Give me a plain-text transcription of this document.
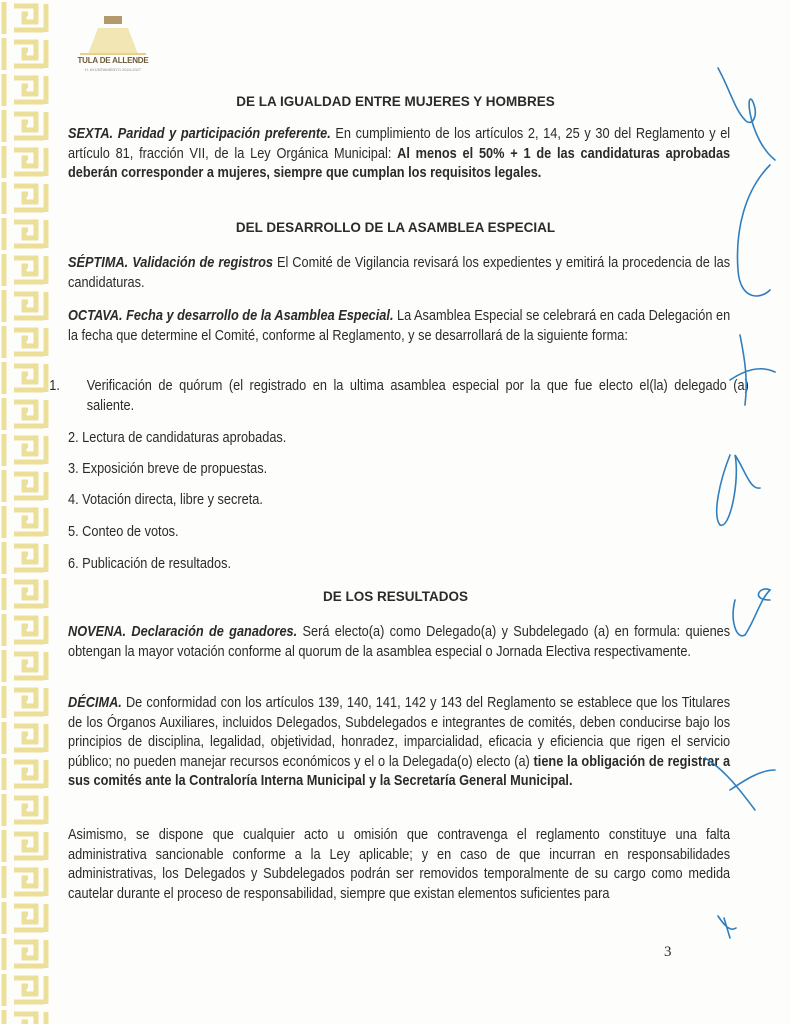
TULA DE ALLENDE
H. AYUNTAMIENTO 2024-2027
DE LA IGUALDAD ENTRE MUJERES Y HOMBRES
SEXTA. Paridad y participación preferente. En cumplimiento de los artículos 2, 14, 25 y 30 del Reglamento y el artículo 81, fracción VII, de la Ley Orgánica Municipal: Al menos el 50% + 1 de las candidaturas aprobadas deberán corresponder a mujeres, siempre que cumplan los requisitos legales.
DEL DESARROLLO DE LA ASAMBLEA ESPECIAL
SÉPTIMA. Validación de registros El Comité de Vigilancia revisará los expedientes y emitirá la procedencia de las candidaturas.
OCTAVA. Fecha y desarrollo de la Asamblea Especial. La Asamblea Especial se celebrará en cada Delegación en la fecha que determine el Comité, conforme al Reglamento, y se desarrollará de la siguiente forma:
1. Verificación de quórum (el registrado en la ultima asamblea especial por la que fue electo el(la) delegado (a) saliente.
2. Lectura de candidaturas aprobadas.
3. Exposición breve de propuestas.
4. Votación directa, libre y secreta.
5. Conteo de votos.
6. Publicación de resultados.
DE LOS RESULTADOS
NOVENA. Declaración de ganadores. Será electo(a) como Delegado(a) y Subdelegado (a) en formula: quienes obtengan la mayor votación conforme al quorum de la asamblea especial o Jornada Electiva respectivamente.
DÉCIMA. De conformidad con los artículos 139, 140, 141, 142 y 143 del Reglamento se establece que los Titulares de los Órganos Auxiliares, incluidos Delegados, Subdelegados e integrantes de comités, deben conducirse bajo los principios de disciplina, legalidad, objetividad, honradez, imparcialidad, eficacia y eficiencia que rigen el servicio público; no pueden manejar recursos económicos y el o la Delegada(o) electo (a) tiene la obligación de registrar a sus comités ante la Contraloría Interna Municipal y la Secretaría General Municipal.
Asimismo, se dispone que cualquier acto u omisión que contravenga el reglamento constituye una falta administrativa sancionable conforme a la Ley aplicable; y en caso de que incurran en responsabilidades administrativas, los Delegados y Subdelegados podrán ser removidos temporalmente de su cargo como medida cautelar durante el proceso de responsabilidad, siempre que existan elementos suficientes para
3
